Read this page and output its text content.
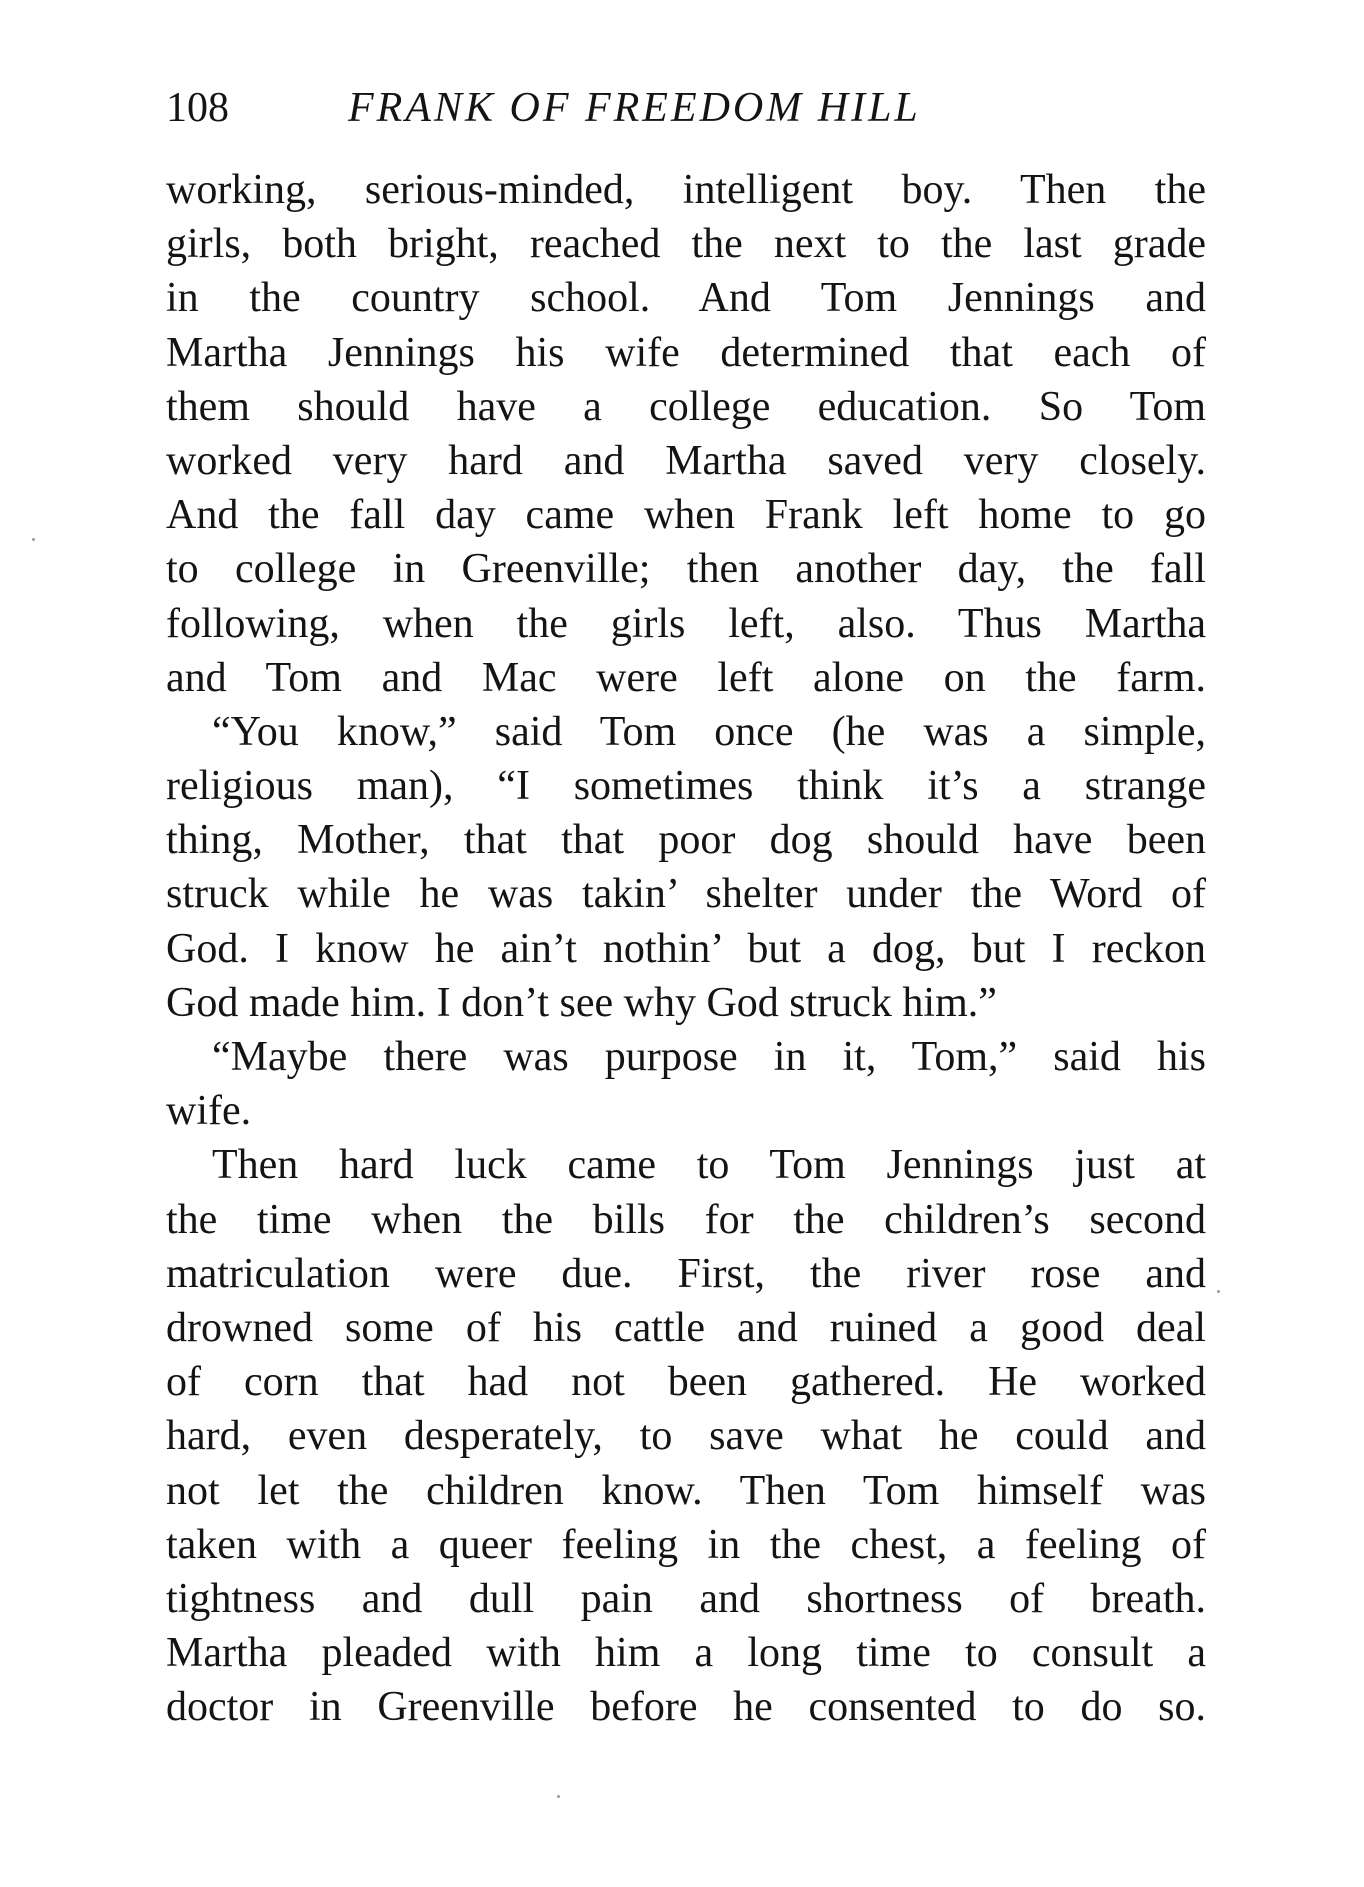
108	FRANK OF FREEDOM HILL
working, serious-minded, intelligent boy. Then the
girls, both bright, reached the next to the last grade
in the country school. And Tom Jennings and
Martha Jennings his wife determined that each of
them should have a college education. So Tom
worked very hard and Martha saved very closely.
And the fall day came when Frank left home to go
to college in Greenville; then another day, the fall
following, when the girls left, also. Thus Martha
and Tom and Mac were left alone on the farm.
“You know,” said Tom once (he was a simple,
religious man), “I sometimes think it’s a strange
thing, Mother, that that poor dog should have been
struck while he was takin’ shelter under the Word of
God. I know he ain’t nothin’ but a dog, but I reckon
God made him. I don’t see why God struck him.”
“Maybe there was purpose in it, Tom,” said his
wife.
Then hard luck came to Tom Jennings just at
the time when the bills for the children’s second
matriculation were due. First, the river rose and
drowned some of his cattle and ruined a good deal
of corn that had not been gathered. He worked
hard, even desperately, to save what he could and
not let the children know. Then Tom himself was
taken with a queer feeling in the chest, a feeling of
tightness and dull pain and shortness of breath.
Martha pleaded with him a long time to consult a
doctor in Greenville before he consented to do so.
